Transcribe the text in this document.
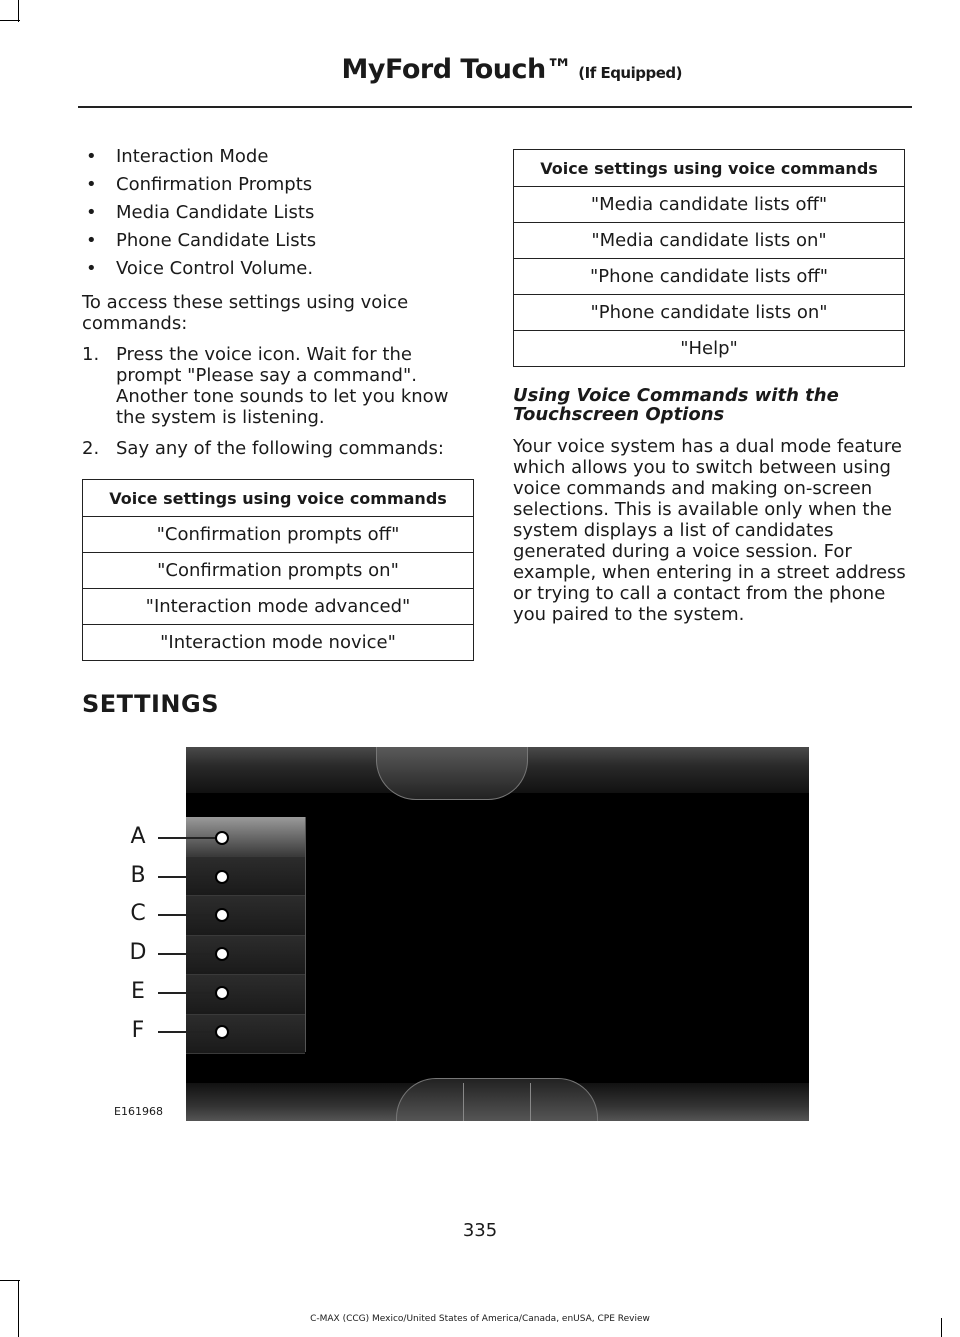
MyFord Touch™ (If Equipped)
• Interaction Mode
• Confirmation Prompts
• Media Candidate Lists
• Phone Candidate Lists
• Voice Control Volume.

To access these settings using voice commands:

1. Press the voice icon. Wait for the prompt "Please say a command". Another tone sounds to let you know the system is listening.
2. Say any of the following commands:
Voice settings using voice commands
"Confirmation prompts off"
"Confirmation prompts on"
"Interaction mode advanced"
"Interaction mode novice"
Voice settings using voice commands
"Media candidate lists off"
"Media candidate lists on"
"Phone candidate lists off"
"Phone candidate lists on"
"Help"
Using Voice Commands with the Touchscreen Options

Your voice system has a dual mode feature which allows you to switch between using voice commands and making on-screen selections. This is available only when the system displays a list of candidates generated during a voice session. For example, when entering in a street address or trying to call a contact from the phone you paired to the system.

SETTINGS
A
B
C
D
E
F
E161968
335
C-MAX (CCG) Mexico/United States of America/Canada, enUSA, CPE Review
